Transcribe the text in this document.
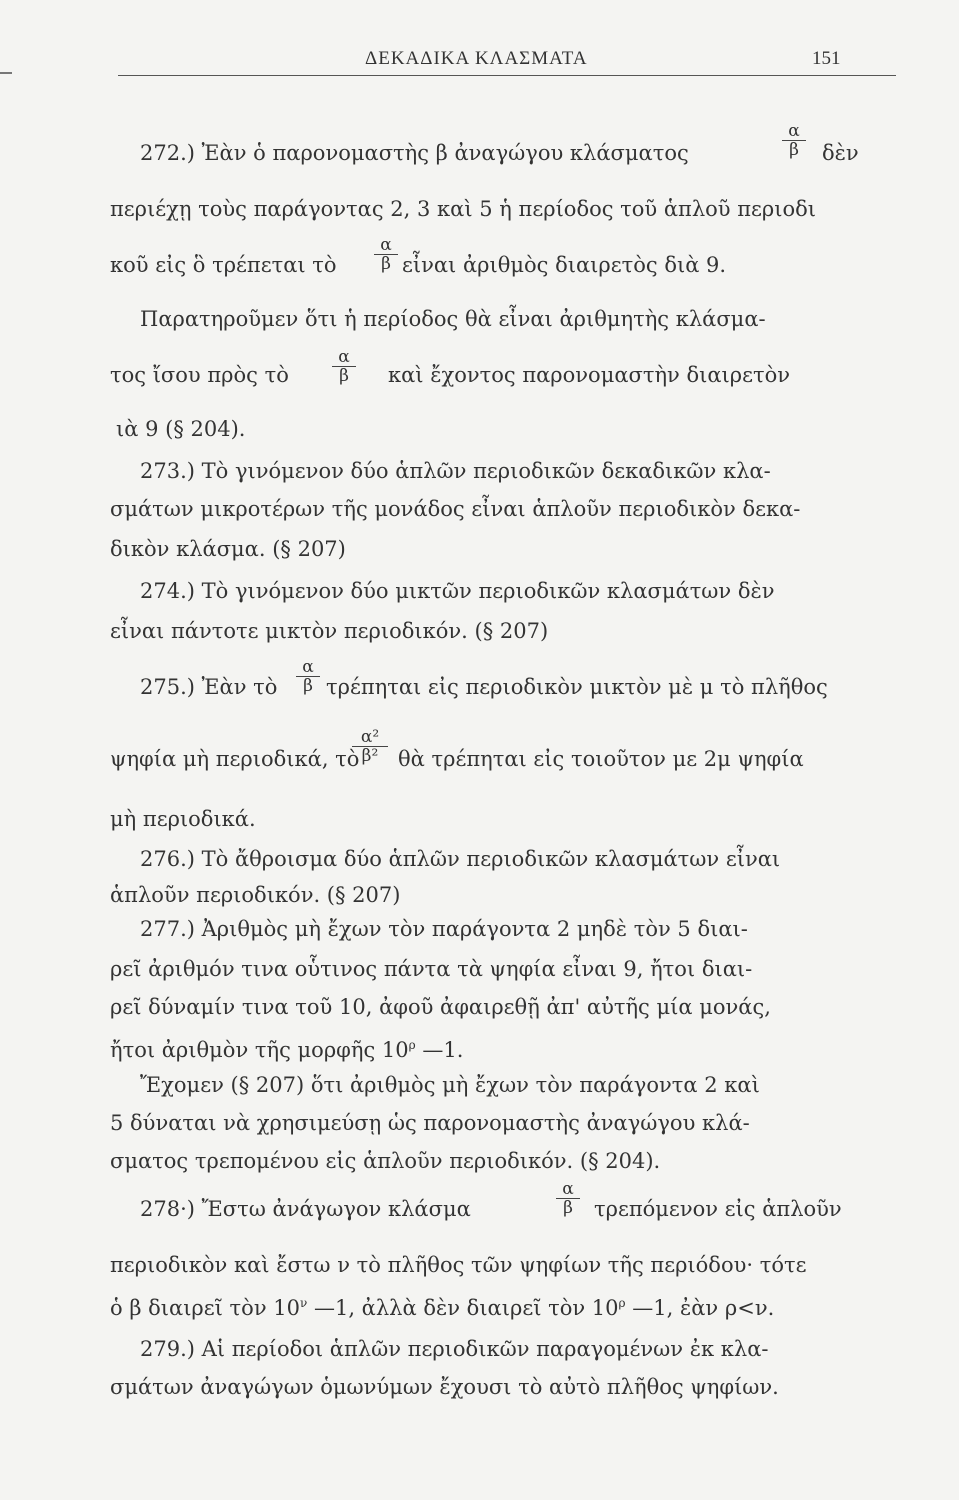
ΔΕΚΑΔΙΚΑ ΚΛΑΣΜΑΤΑ	151
272.) Ἐὰν ὁ παρονομαστὴς β ἀναγώγου κλάσματος	$\frac{\alpha}{\beta}$ δὲν
περιέχῃ τοὺς παράγοντας 2, 3 καὶ 5 ἡ περίοδος τοῦ ἁπλοῦ περιοδι
κοῦ εἰς ὃ τρέπεται τὸ $\frac{\alpha}{\beta}$ εἶναι ἀριθμὸς διαιρετὸς διὰ 9.
Παρατηροῦμεν ὅτι ἡ περίοδος θὰ εἶναι ἀριθμητὴς κλάσμα-
τος ἴσου πρὸς τὸ	$\frac{\alpha}{\beta}$ καὶ ἔχοντος παρονομαστὴν διαιρετὸν
ιὰ 9 (§ 204).
273.) Τὸ γινόμενον δύο ἁπλῶν περιοδικῶν δεκαδικῶν κλα-
σμάτων μικροτέρων τῆς μονάδος εἶναι ἁπλοῦν περιοδικὸν δεκα-
δικὸν κλάσμα. (§ 207)
274.) Τὸ γινόμενον δύο μικτῶν περιοδικῶν κλασμάτων δὲν
εἶναι πάντοτε μικτὸν περιοδικόν. (§ 207)
275.) Ἐὰν τὸ $\frac{\alpha}{\beta}$ τρέπηται εἰς περιοδικὸν μικτὸν μὲ μ τὸ πλῆθος
ψηφία μὴ περιοδικά, τὸ
$\frac{\text{α²}}{\text{β²}}$ θὰ τρέπηται εἰς τοιοῦτον με 2μ ψηφία
μὴ περιοδικά.
276.) Τὸ ἄθροισμα δύο ἁπλῶν περιοδικῶν κλασμάτων εἶναι
ἁπλοῦν περιοδικόν. (§ 207)
277.) Ἀριθμὸς μὴ ἔχων τὸν παράγοντα 2 μηδὲ τὸν 5 διαι-
ρεῖ ἀριθμόν τινα οὗτινος πάντα τὰ ψηφία εἶναι 9, ἤτοι διαι-
ρεῖ δύναμίν τινα τοῦ 10, ἀφοῦ ἀφαιρεθῇ ἀπ' αὐτῆς μία μονάς,
ἤτοι ἀριθμὸν τῆς μορφῆς $10^\rho$ —1.
Ἔχομεν (§ 207) ὅτι ἀριθμὸς μὴ ἔχων τὸν παράγοντα 2 καὶ
5 δύναται νὰ χρησιμεύσῃ ὡς παρονομαστὴς ἀναγώγου κλά-
σματος τρεπομένου εἰς ἁπλοῦν περιοδικόν. (§ 204).
278·) Ἔστω ἀνάγωγον κλάσμα	$\frac{\alpha}{\beta}$ τρεπόμενον εἰς ἁπλοῦν
περιοδικὸν καὶ ἔστω ν τὸ πλῆθος τῶν ψηφίων τῆς περιόδου· τότε
ὁ β διαιρεῖ τὸν $10^\nu$ —1, ἀλλὰ δὲν διαιρεῖ τὸν $10^\rho$ —1, ἐὰν ρ<ν.
279.) Αἱ περίοδοι ἁπλῶν περιοδικῶν παραγομένων ἐκ κλα-
σμάτων ἀναγώγων ὁμωνύμων ἔχουσι τὸ αὐτὸ πλῆθος ψηφίων.
